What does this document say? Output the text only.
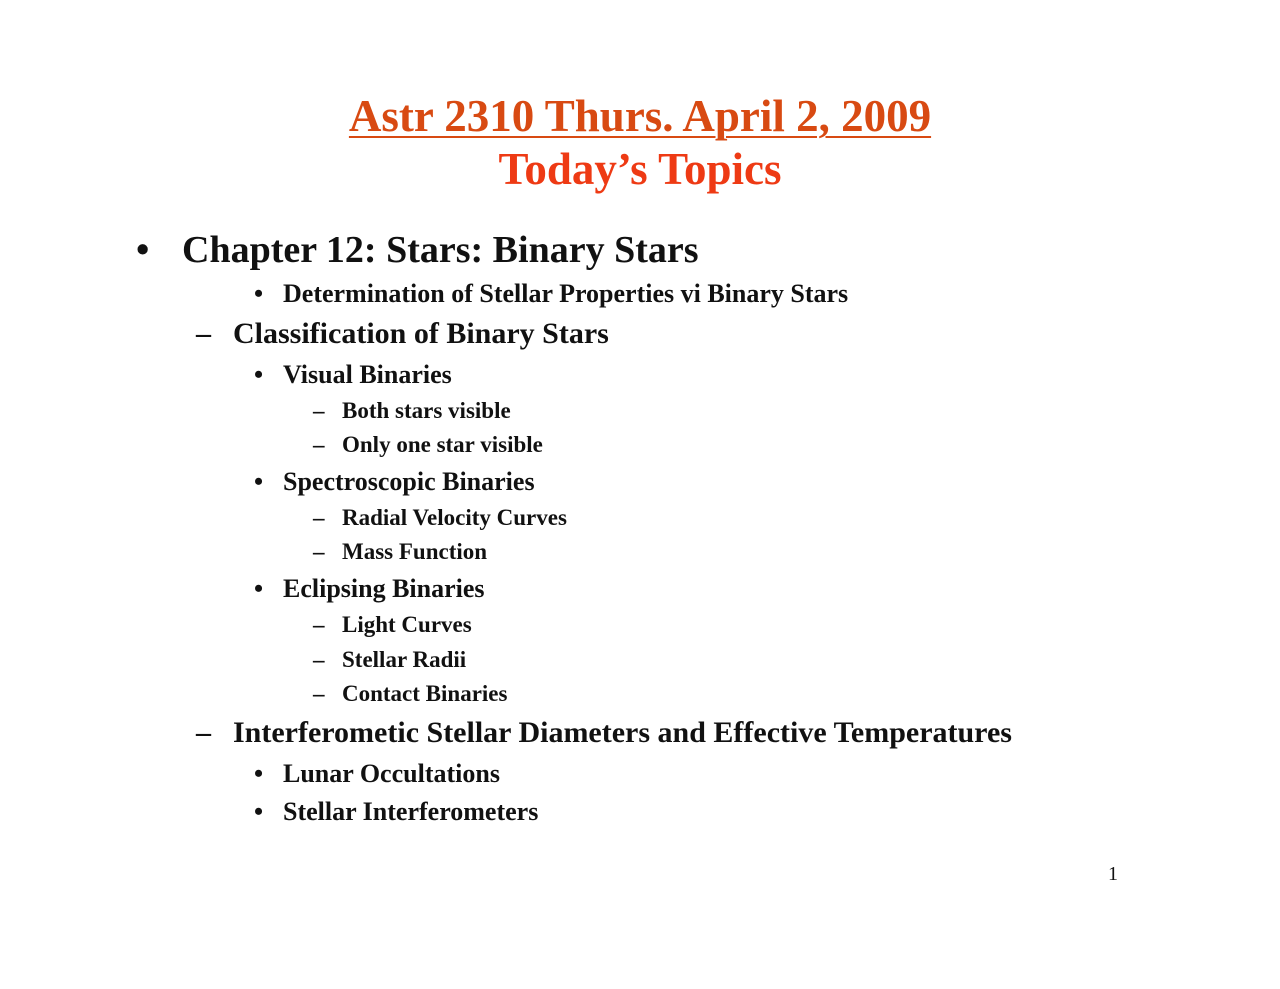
Astr 2310 Thurs. April 2, 2009
Today’s Topics
• Chapter 12: Stars: Binary Stars
• Determination of Stellar Properties vi Binary Stars
– Classification of Binary Stars
• Visual Binaries
– Both stars visible
– Only one star visible
• Spectroscopic Binaries
– Radial Velocity Curves
– Mass Function
• Eclipsing Binaries
– Light Curves
– Stellar Radii
– Contact Binaries
– Interferometic Stellar Diameters and Effective Temperatures
• Lunar Occultations
• Stellar Interferometers
1
